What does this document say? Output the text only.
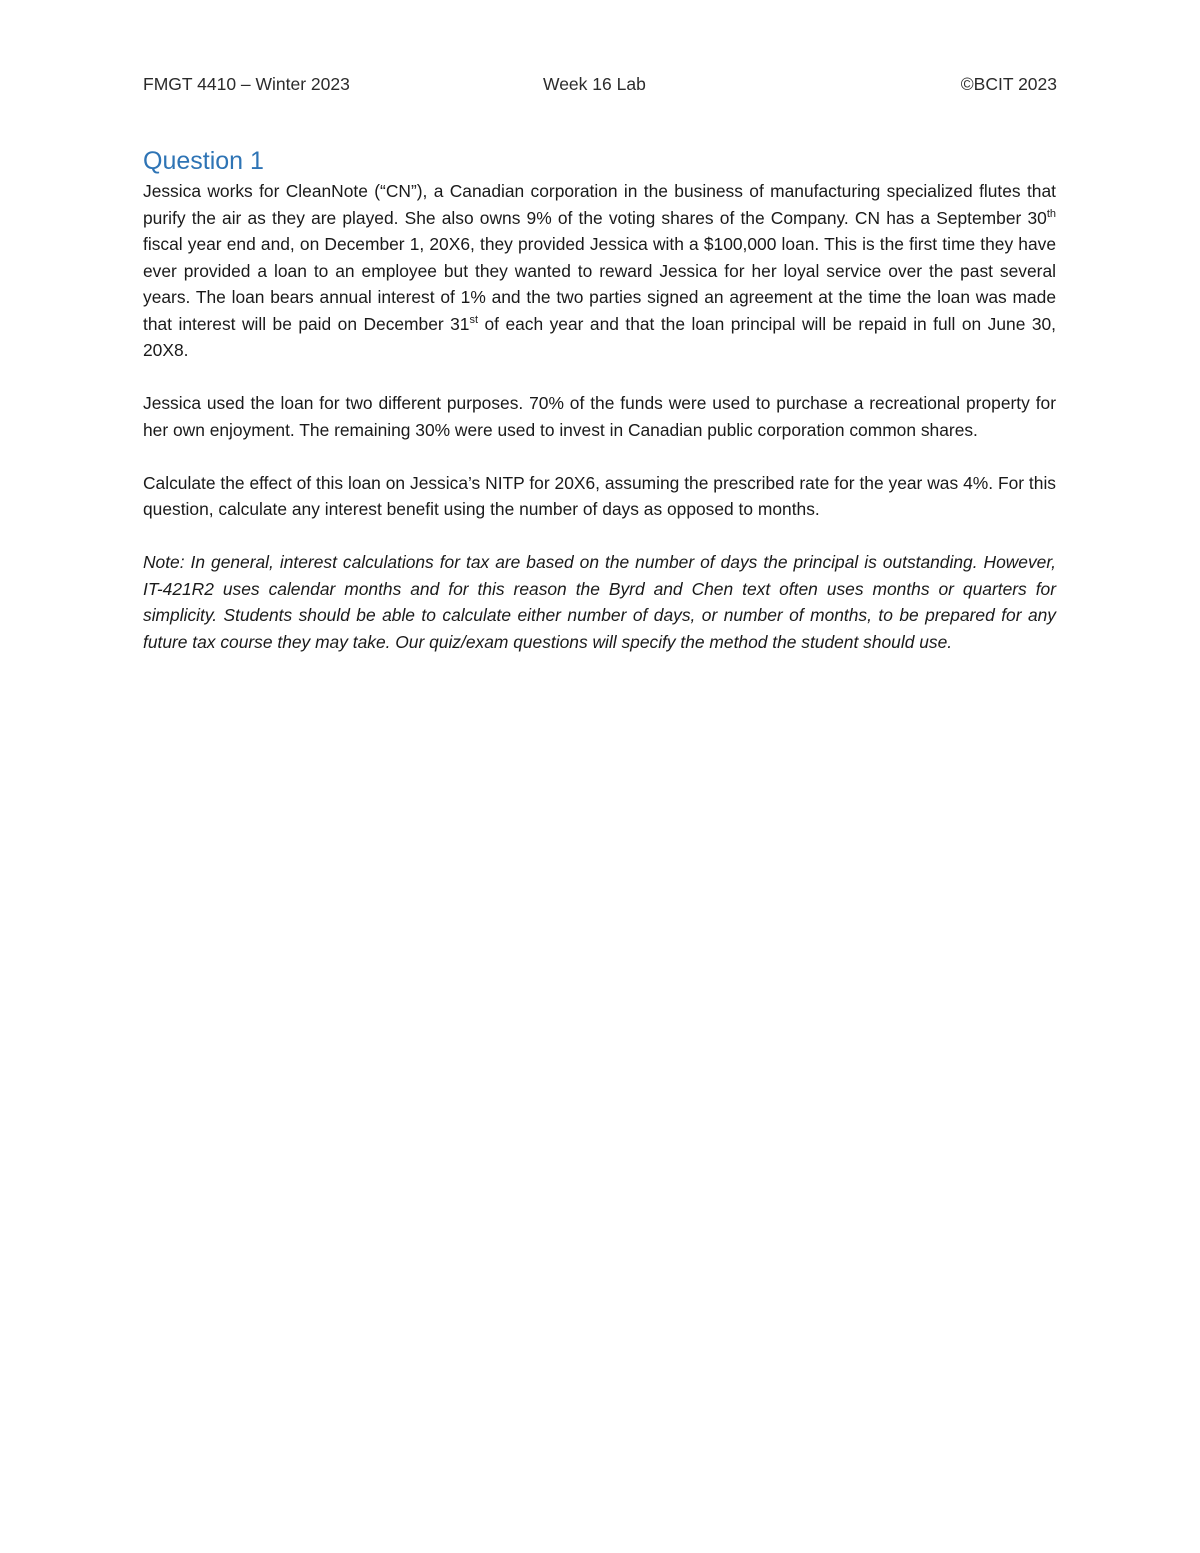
FMGT 4410 – Winter 2023	Week 16 Lab	©BCIT 2023
Question 1

Jessica works for CleanNote (“CN”), a Canadian corporation in the business of manufacturing specialized flutes that purify the air as they are played. She also owns 9% of the voting shares of the Company. CN has a September 30th fiscal year end and, on December 1, 20X6, they provided Jessica with a $100,000 loan. This is the first time they have ever provided a loan to an employee but they wanted to reward Jessica for her loyal service over the past several years. The loan bears annual interest of 1% and the two parties signed an agreement at the time the loan was made that interest will be paid on December 31st of each year and that the loan principal will be repaid in full on June 30, 20X8.

Jessica used the loan for two different purposes. 70% of the funds were used to purchase a recreational property for her own enjoyment. The remaining 30% were used to invest in Canadian public corporation common shares.

Calculate the effect of this loan on Jessica’s NITP for 20X6, assuming the prescribed rate for the year was 4%. For this question, calculate any interest benefit using the number of days as opposed to months.

Note: In general, interest calculations for tax are based on the number of days the principal is outstanding. However, IT-421R2 uses calendar months and for this reason the Byrd and Chen text often uses months or quarters for simplicity. Students should be able to calculate either number of days, or number of months, to be prepared for any future tax course they may take. Our quiz/exam questions will specify the method the student should use.
